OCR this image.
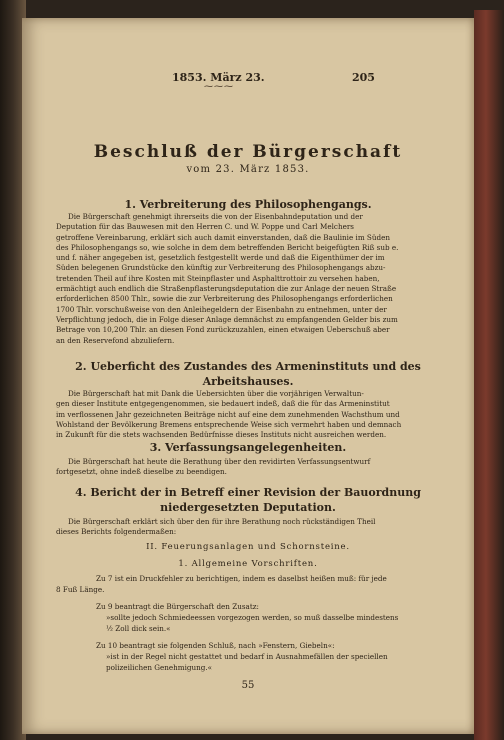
1853. März 23.	205
⁓⁓⁓
Beschluß der Bürgerschaft
vom 23. März 1853.
1. Verbreiterung des Philosophengangs.
Die Bürgerschaft genehmigt ihrerseits die von der Eisenbahndeputation und der
Deputation für das Bauwesen mit den Herren C. und W. Poppe und Carl Melchers
getroffene Vereinbarung, erklärt sich auch damit einverstanden, daß die Baulinie im Süden
des Philosophengangs so, wie solche in dem dem betreffenden Bericht beigefügten Riß sub e.
und f. näher angegeben ist, gesetzlich festgestellt werde und daß die Eigenthümer der im
Süden belegenen Grundstücke den künftig zur Verbreiterung des Philosophengangs abzu-
tretenden Theil auf ihre Kosten mit Steinpflaster und Asphalttrottoir zu versehen haben,
ermächtigt auch endlich die Straßenpflasterungsdeputation die zur Anlage der neuen Straße
erforderlichen 8500 Thlr., sowie die zur Verbreiterung des Philosophengangs erforderlichen
1700 Thlr. vorschußweise von den Anleihegeldern der Eisenbahn zu entnehmen, unter der
Verpflichtung jedoch, die in Folge dieser Anlage demnächst zu empfangenden Gelder bis zum
Betrage von 10,200 Thlr. an diesen Fond zurückzuzahlen, einen etwaigen Ueberschuß aber
an den Reservefond abzuliefern.
2. Ueberficht des Zustandes des Armeninstituts und des
Arbeitshauses.
Die Bürgerschaft hat mit Dank die Uebersichten über die vorjährigen Verwaltun-
gen dieser Institute entgegengenommen, sie bedauert indeß, daß die für das Armeninstitut
im verflossenen Jahr gezeichneten Beiträge nicht auf eine dem zunehmenden Wachsthum und
Wohlstand der Bevölkerung Bremens entsprechende Weise sich vermehrt haben und demnach
in Zukunft für die stets wachsenden Bedürfnisse dieses Instituts nicht ausreichen werden.
3. Verfassungsangelegenheiten.
Die Bürgerschaft hat heute die Berathung über den revidirten Verfassungsentwurf
fortgesetzt, ohne indeß dieselbe zu beendigen.
4. Bericht der in Betreff einer Revision der Bauordnung
niedergesetzten Deputation.
Die Bürgerschaft erklärt sich über den für ihre Berathung noch rückständigen Theil
dieses Berichts folgendermaßen:
II. Feuerungsanlagen und Schornsteine.
1. Allgemeine Vorschriften.
Zu 7 ist ein Druckfehler zu berichtigen, indem es daselbst heißen muß: für jede
8 Fuß Länge.
Zu 9 beantragt die Bürgerschaft den Zusatz:
»sollte jedoch Schmiedeessen vorgezogen werden, so muß dasselbe mindestens
½ Zoll dick sein.«
Zu 10 beantragt sie folgenden Schluß, nach »Fenstern, Giebeln«:
»ist in der Regel nicht gestattet und bedarf in Ausnahmefällen der speciellen
polizeilichen Genehmigung.«
55
